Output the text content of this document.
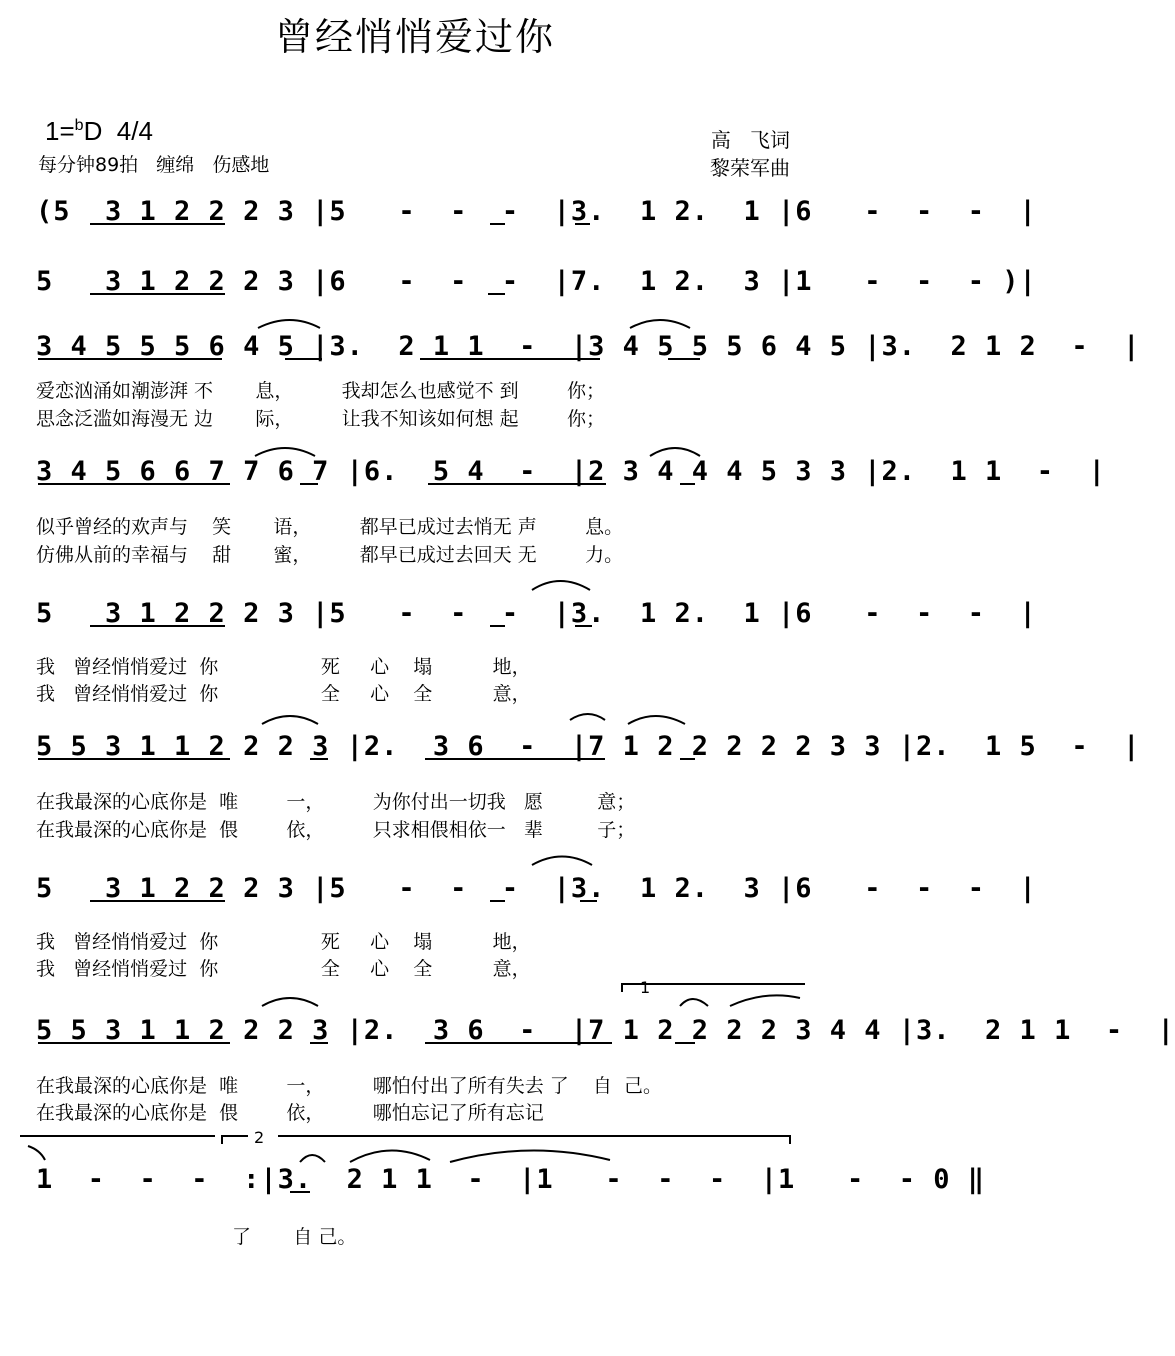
曾经悄悄爱过你
1=$^b$D  4/4
每分钟89拍   缠绵   伤感地
高   飞词
黎荣军曲
(5  3 1 2 2 2 3 |5   -  -  -  |3.  1 2.  1 |6   -  -  -  |
5   3 1 2 2 2 3 |6   -  -  -  |7.  1 2.  3 |1   -  -  - )|
3 4 5 5 5 6 4 5 |3.  2 1 1  -  |3 4 5 5 5 6 4 5 |3.  2 1 2  -  |
爱恋汹涌如潮澎湃 不       息，        我却怎么也感觉不 到        你；
思念泛滥如海漫无 边       际，        让我不知该如何想 起        你；
3 4 5 6 6 7 7 6 7 |6.  5 4  -  |2 3 4 4 4 5 3 3 |2.  1 1  -  |
似乎曾经的欢声与    笑       语，        都早已成过去悄无 声        息。
仿佛从前的幸福与    甜       蜜，        都早已成过去回天 无        力。
5   3 1 2 2 2 3 |5   -  -  -  |3.  1 2.  1 |6   -  -  -  |
我   曾经悄悄爱过  你                 死     心    塌          地，
我   曾经悄悄爱过  你                 全     心    全          意，
5 5 3 1 1 2 2 2 3 |2.  3 6  -  |7 1 2 2 2 2 2 3 3 |2.  1 5  -  |
在我最深的心底你是  唯        一，        为你付出一切我   愿         意；
在我最深的心底你是  偎        依，        只求相偎相依一   辈         子；
5   3 1 2 2 2 3 |5   -  -  -  |3.  1 2.  3 |6   -  -  -  |
我   曾经悄悄爱过  你                 死     心    塌          地，
我   曾经悄悄爱过  你                 全     心    全          意，
5 5 3 1 1 2 2 2 3 |2.  3 6  -  |7 1 2 2 2 2 3 4 4 |3.  2 1 1  -  |
在我最深的心底你是  唯        一，        哪怕付出了所有失去 了    自  己。
在我最深的心底你是  偎        依，        哪怕忘记了所有忘记
1  -  -  -  :|3.  2 1 1  -  |1   -  -  -  |1   -  - 0 ‖
了       自 己。
1
2
